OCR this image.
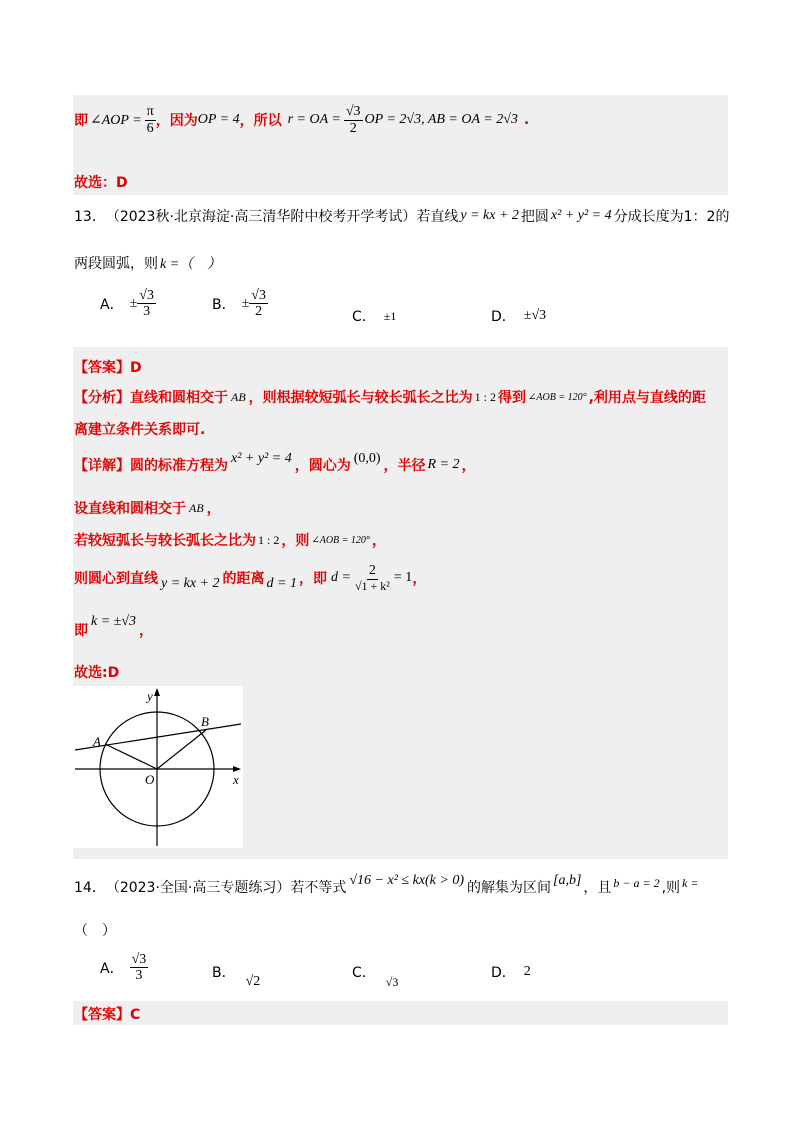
即 ∠AOP = $\frac{\pi}{6}$ ，因为 OP = 4 ，所以 r = OA = $\frac{√3}{2}$ OP = 2√3, AB = OA = 2√3 .
故选：D
13． （2023秋·北京海淀·高三清华附中校考开学考试） 若直线 y = kx + 2 把圆 x² + y² = 4 分成长度为1：2的
两段圆弧，则 k =（　）
A． ± $\frac{√3}{3}$	B． ± $\frac{√3}{2}$	C． ±1	D． ±√3
【答案】D
【分析】 直线和圆相交于 AB ，则根据较短弧长与较长弧长之比为 1 : 2 得到 ∠AOB = 120° ,利用点与直线的距
离建立条件关系即可.
【详解】 圆的标准方程为 x² + y² = 4 ，圆心为 (0,0) ，半径 R = 2 ，
设直线和圆相交于 AB ，
若较短弧长与较长弧长之比为 1 : 2 ，则 ∠AOB = 120° ，
则圆心到直线 y = kx + 2 的距离 d = 1 ，即 $d = \frac{2}{\text{√1 + k²}} = 1$ ，
即
k = ±√3
，
故选:D
y
x
A
B
O
14． （2023·全国·高三专题练习） 若不等式 √16 − x² ≤ kx(k > 0) 的解集为区间 [a,b] ，且 b − a = 2 ,则 k =
（　）
A． $\frac{√3}{3}$	B．
√2
C．
√3
D． 2
【答案】C
